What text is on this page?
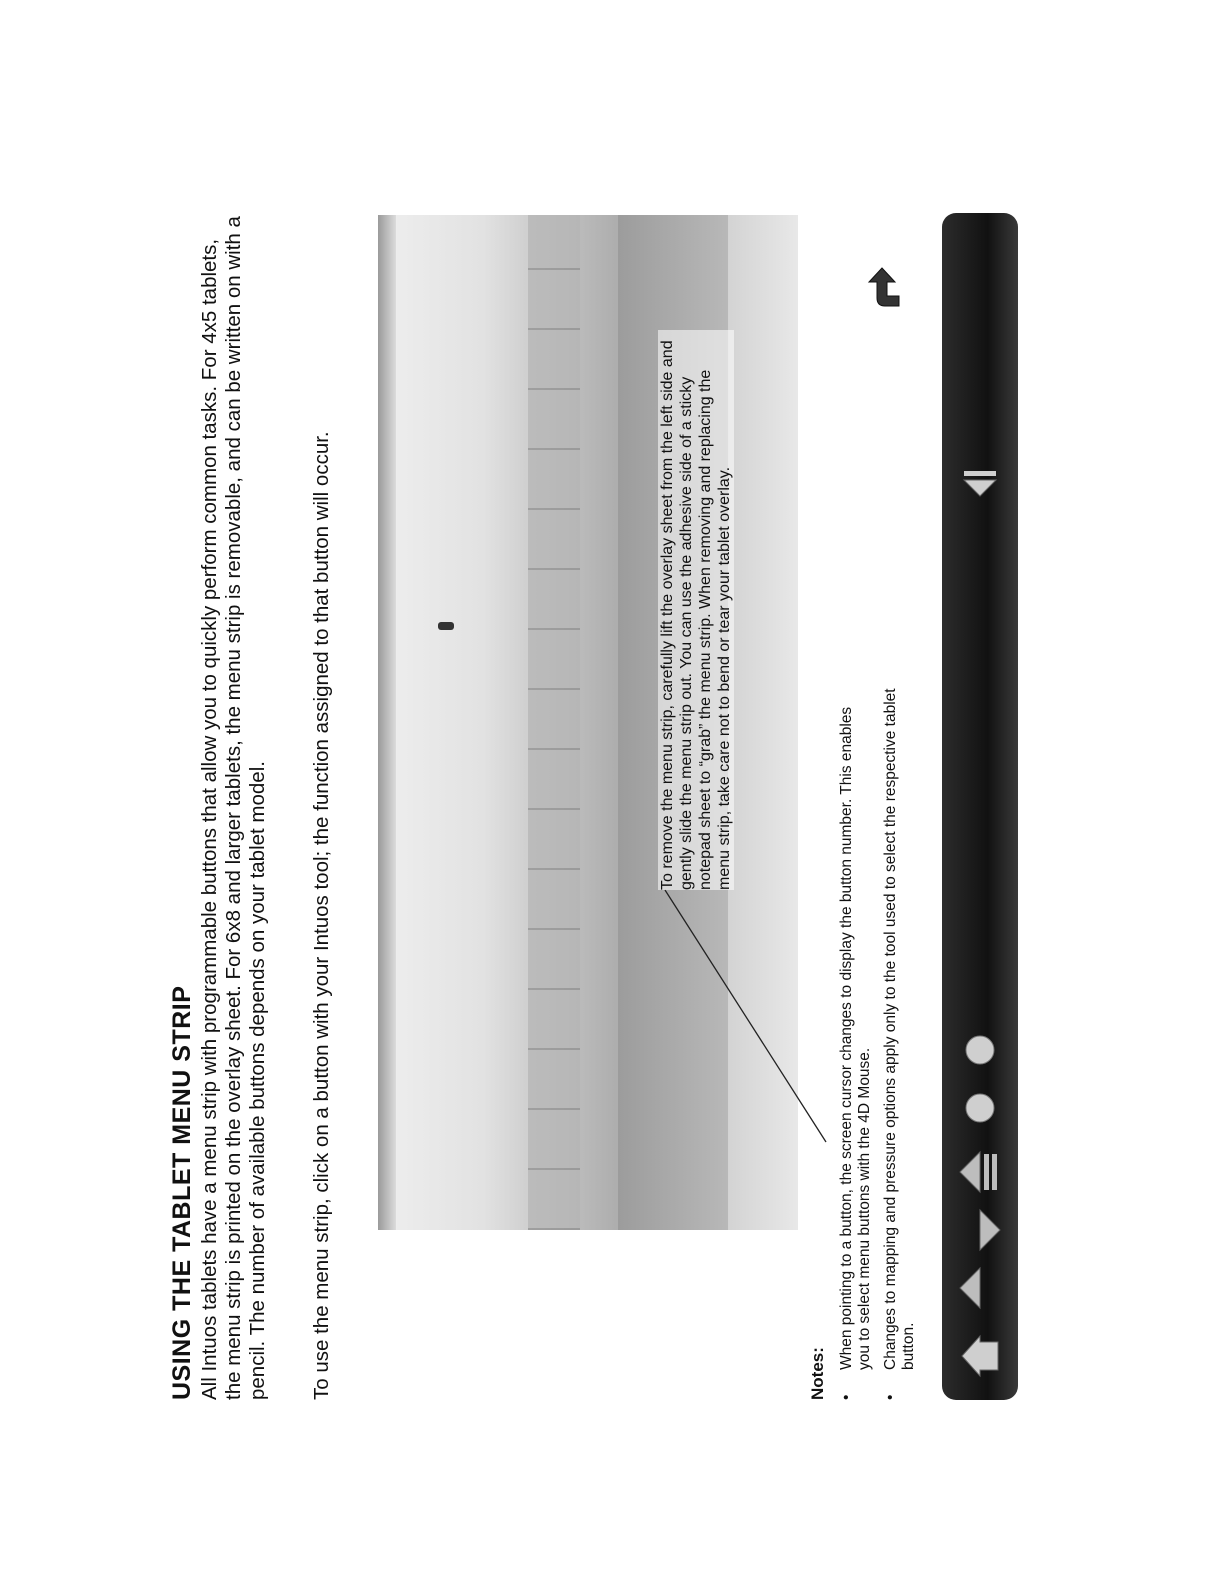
USING THE TABLET MENU STRIP All Intuos tablets have a menu strip with programmable buttons that allow you to quickly perform common tasks. For 4x5 tablets, the menu strip is printed on the overlay sheet. For 6x8 and larger tablets, the menu strip is removable, and can be written on with a pencil. The number of available buttons depends on your tablet model. To use the menu strip, click on a button with your Intuos tool; the function assigned to that button will occur.	To remove the menu strip, carefully lift the overlay sheet from the left side and gently slide the menu strip out. You can use the adhesive side of a sticky notepad sheet to “grab” the menu strip. When removing and replacing the menu strip, take care not to bend or tear your tablet overlay.

Notes:

• When pointing to a button, the screen cursor changes to display the button number. This enables you to select menu buttons with the 4D Mouse.
• Changes to mapping and pressure options apply only to the tool used to select the respective tablet button.
